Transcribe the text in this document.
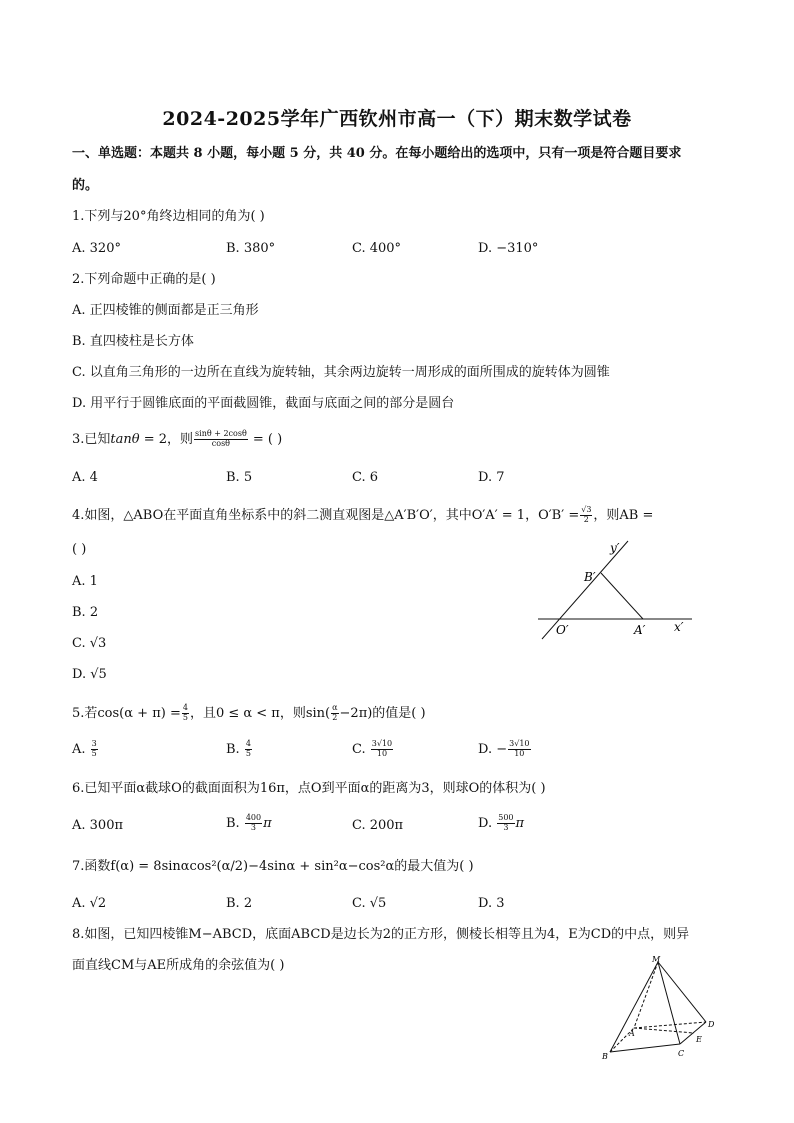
2024-2025学年广西钦州市高一（下）期末数学试卷
一、单选题：本题共 8 小题，每小题 5 分，共 40 分。在每小题给出的选项中，只有一项是符合题目要求
的。
1.下列与20°角终边相同的角为( )
A. 320°	B. 380°	C. 400°	D. −310°
2.下列命题中正确的是( )
A. 正四棱锥的侧面都是正三角形
B. 直四棱柱是长方体
C. 以直角三角形的一边所在直线为旋转轴，其余两边旋转一周形成的面所围成的旋转体为圆锥
D. 用平行于圆锥底面的平面截圆锥，截面与底面之间的部分是圆台
3.已知tanθ = 2，则 $\frac{\sin\theta + 2\cos\theta}{\cos\theta}$ = ( )
A. 4	B. 5	C. 6	D. 7
4.如图，△ABO在平面直角坐标系中的斜二测直观图是△A′B′O′，其中O′A′ = 1，$O'B' = \frac{√3}{2}$ ，则AB =
( )
A. 1
B. 2
C. √3
D. √5
y′
x′
B′
O′	A′
5.若$\cos(\alpha + \pi) = \frac{4}{5}$ ，且0 ≤ α < π，则$\sin( \frac{\alpha}{2} -2\pi)$的值是( )
A. $\frac{3}{5}$	B. $\frac{4}{5}$	C. $\frac{3√10}{10}$	D. − $\frac{3√10}{10}$
6.已知平面α截球O的截面面积为16π，点O到平面α的距离为3，则球O的体积为( )
A. 300π	B. $\frac{400}{3}$ π	C. 200π	D. $\frac{500}{3}$ π
7.函数f(α) = 8sinαcos²(α/2)−4sinα + sin²α−cos²α的最大值为( )
A. √2	B. 2	C. √5	D. 3
8.如图，已知四棱锥M−ABCD，底面ABCD是边长为2的正方形，侧棱长相等且为4，E为CD的中点，则异
面直线CM与AE所成角的余弦值为( )	M
A
B	C
D
E
